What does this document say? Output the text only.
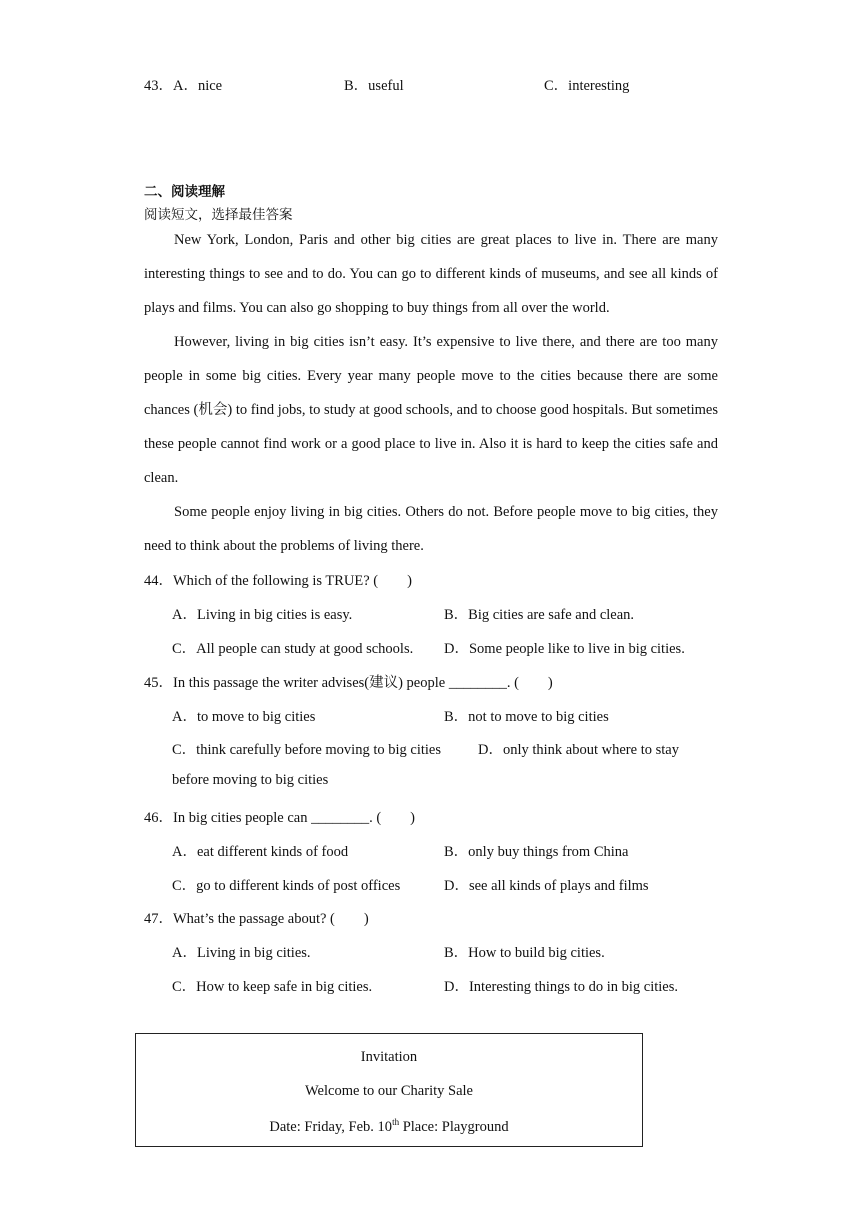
43．A．nice	B．useful	C．interesting
二、阅读理解
阅读短文，选择最佳答案

New York, London, Paris and other big cities are great places to live in. There are many interesting things to see and to do. You can go to different kinds of museums, and see all kinds of plays and films. You can also go shopping to buy things from all over the world.

However, living in big cities isn’t easy. It’s expensive to live there, and there are too many people in some big cities. Every year many people move to the cities because there are some chances (机会) to find jobs, to study at good schools, and to choose good hospitals. But sometimes these people cannot find work or a good place to live in. Also it is hard to keep the cities safe and clean.

Some people enjoy living in big cities. Others do not. Before people move to big cities, they need to think about the problems of living there.

44．Which of the following is TRUE? (　　)
A．Living in big cities is easy.	B．Big cities are safe and clean.
C．All people can study at good schools. D．Some people like to live in big cities.
45．In this passage the writer advises(建议) people ________. (　　)
A．to move to big cities	B．not to move to big cities
C．think carefully before moving to big cities	D．only think about where to stay
before moving to big cities
46．In big cities people can ________. (　　)
A．eat different kinds of food	B．only buy things from China
C．go to different kinds of post offices	D．see all kinds of plays and films
47．What’s the passage about? (　　)
A．Living in big cities.	B．How to build big cities.
C．How to keep safe in big cities.	D．Interesting things to do in big cities.
Invitation
Welcome to our Charity Sale
Date: Friday, Feb. 10th Place: Playground
